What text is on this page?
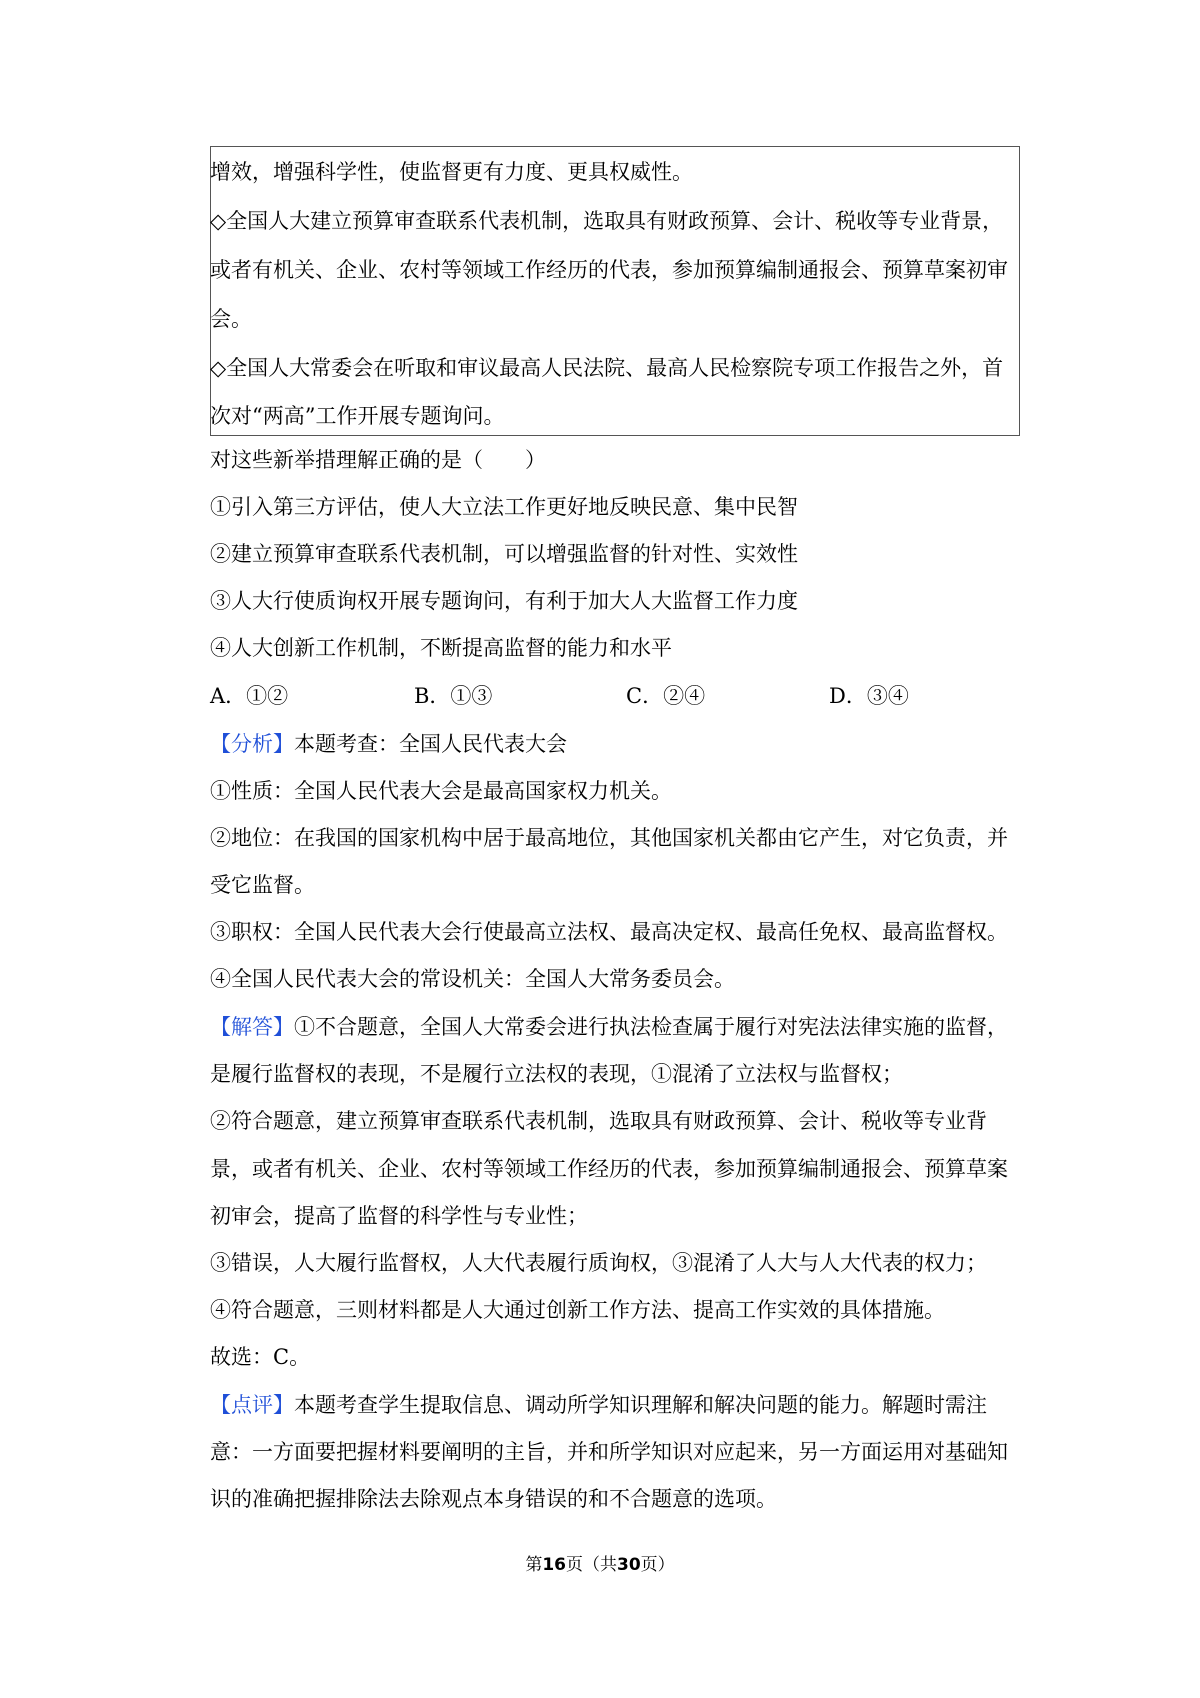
增效，增强科学性，使监督更有力度、更具权威性。
◇全国人大建立预算审查联系代表机制，选取具有财政预算、会计、税收等专业背景，
或者有机关、企业、农村等领域工作经历的代表，参加预算编制通报会、预算草案初审
会。
◇全国人大常委会在听取和审议最高人民法院、最高人民检察院专项工作报告之外，首
次对“两高”工作开展专题询问。
对这些新举措理解正确的是（　　）
①引入第三方评估，使人大立法工作更好地反映民意、集中民智
②建立预算审查联系代表机制，可以增强监督的针对性、实效性
③人大行使质询权开展专题询问，有利于加大人大监督工作力度
④人大创新工作机制，不断提高监督的能力和水平
A．①②	B．①③	C．②④	D．③④
【分析】本题考查：全国人民代表大会
①性质：全国人民代表大会是最高国家权力机关。
②地位：在我国的国家机构中居于最高地位，其他国家机关都由它产生，对它负责，并
受它监督。
③职权：全国人民代表大会行使最高立法权、最高决定权、最高任免权、最高监督权。
④全国人民代表大会的常设机关：全国人大常务委员会。
【解答】①不合题意，全国人大常委会进行执法检查属于履行对宪法法律实施的监督，
是履行监督权的表现，不是履行立法权的表现，①混淆了立法权与监督权；
②符合题意，建立预算审查联系代表机制，选取具有财政预算、会计、税收等专业背
景，或者有机关、企业、农村等领域工作经历的代表，参加预算编制通报会、预算草案
初审会，提高了监督的科学性与专业性；
③错误，人大履行监督权，人大代表履行质询权，③混淆了人大与人大代表的权力；
④符合题意，三则材料都是人大通过创新工作方法、提高工作实效的具体措施。
故选：C。
【点评】本题考查学生提取信息、调动所学知识理解和解决问题的能力。解题时需注
意：一方面要把握材料要阐明的主旨，并和所学知识对应起来，另一方面运用对基础知
识的准确把握排除法去除观点本身错误的和不合题意的选项。
第16页（共30页）
